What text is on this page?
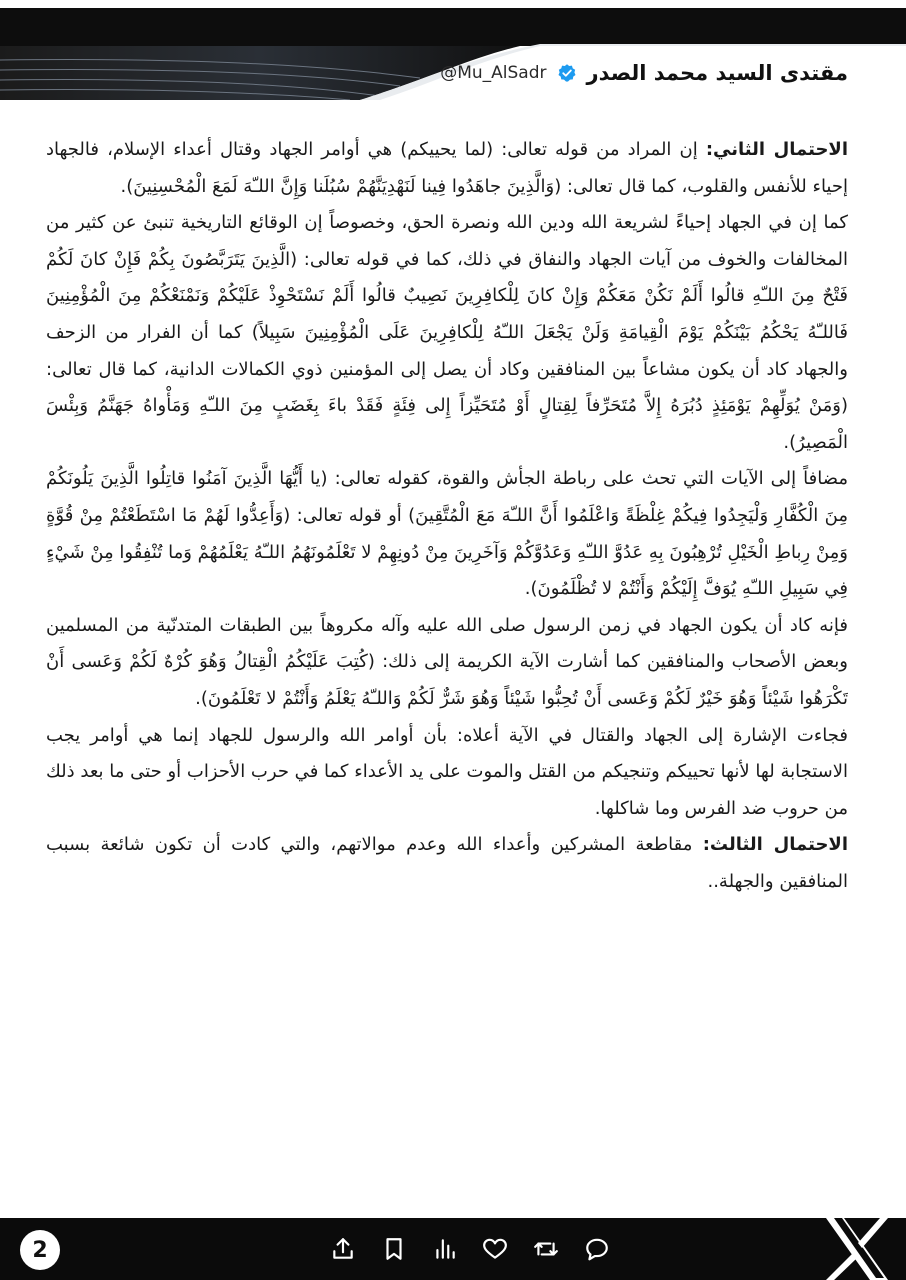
@Mu_AlSadr مقتدى السيد محمد الصدر

الاحتمال الثاني: إن المراد من قوله تعالى: (لما يحييكم) هي أوامر الجهاد وقتال أعداء الإسلام، فالجهاد إحياء للأنفس والقلوب، كما قال تعالى: (وَالَّذِينَ جاهَدُوا فِينا لَنَهْدِيَنَّهُمْ سُبُلَنا وَإِنَّ اللـّهَ لَمَعَ الْمُحْسِنِينَ).

كما إن في الجهاد إحياءً لشريعة الله ودين الله ونصرة الحق، وخصوصاً إن الوقائع التاريخية تنبئ عن كثير من المخالفات والخوف من آيات الجهاد والنفاق في ذلك، كما في قوله تعالى: (الَّذِينَ يَتَرَبَّصُونَ بِكُمْ فَإِنْ كانَ لَكُمْ فَتْحٌ مِنَ اللـّهِ قالُوا أَلَمْ نَكُنْ مَعَكُمْ وَإِنْ كانَ لِلْكافِرِينَ نَصِيبٌ قالُوا أَلَمْ نَسْتَحْوِذْ عَلَيْكُمْ وَنَمْنَعْكُمْ مِنَ الْمُؤْمِنِينَ فَاللـّهُ يَحْكُمُ بَيْنَكُمْ يَوْمَ الْقِيامَةِ وَلَنْ يَجْعَلَ اللـّهُ لِلْكافِرِينَ عَلَى الْمُؤْمِنِينَ سَبِيلاً) كما أن الفرار من الزحف والجهاد كاد أن يكون مشاعاً بين المنافقين وكاد أن يصل إلى المؤمنين ذوي الكمالات الدانية، كما قال تعالى: (وَمَنْ يُوَلِّهِمْ يَوْمَئِذٍ دُبُرَهُ إِلاَّ مُتَحَرِّفاً لِقِتالٍ أَوْ مُتَحَيِّزاً إِلى فِئَةٍ فَقَدْ باءَ بِغَضَبٍ مِنَ اللـّهِ وَمَأْواهُ جَهَنَّمُ وَبِئْسَ الْمَصِيرُ).

مضافاً إلى الآيات التي تحث على رباطة الجأش والقوة، كقوله تعالى: (يا أَيُّهَا الَّذِينَ آمَنُوا قاتِلُوا الَّذِينَ يَلُونَكُمْ مِنَ الْكُفَّارِ وَلْيَجِدُوا فِيكُمْ غِلْظَةً وَاعْلَمُوا أَنَّ اللـّهَ مَعَ الْمُتَّقِينَ) أو قوله تعالى: (وَأَعِدُّوا لَهُمْ مَا اسْتَطَعْتُمْ مِنْ قُوَّةٍ وَمِنْ رِباطِ الْخَيْلِ تُرْهِبُونَ بِهِ عَدُوَّ اللـّهِ وَعَدُوَّكُمْ وَآخَرِينَ مِنْ دُونِهِمْ لا تَعْلَمُونَهُمُ اللـّهُ يَعْلَمُهُمْ وَما تُنْفِقُوا مِنْ شَيْءٍ فِي سَبِيلِ اللـّهِ يُوَفَّ إِلَيْكُمْ وَأَنْتُمْ لا تُظْلَمُونَ).

فإنه كاد أن يكون الجهاد في زمن الرسول صلى الله عليه وآله مكروهاً بين الطبقات المتدنّية من المسلمين وبعض الأصحاب والمنافقين كما أشارت الآية الكريمة إلى ذلك: (كُتِبَ عَلَيْكُمُ الْقِتالُ وَهُوَ كُرْهٌ لَكُمْ وَعَسى أَنْ تَكْرَهُوا شَيْئاً وَهُوَ خَيْرٌ لَكُمْ وَعَسى أَنْ تُحِبُّوا شَيْئاً وَهُوَ شَرٌّ لَكُمْ وَاللـّهُ يَعْلَمُ وَأَنْتُمْ لا تَعْلَمُونَ).

فجاءت الإشارة إلى الجهاد والقتال في الآية أعلاه: بأن أوامر الله والرسول للجهاد إنما هي أوامر يجب الاستجابة لها لأنها تحييكم وتنجيكم من القتل والموت على يد الأعداء كما في حرب الأحزاب أو حتى ما بعد ذلك من حروب ضد الفرس وما شاكلها.

الاحتمال الثالث: مقاطعة المشركين وأعداء الله وعدم موالاتهم، والتي كادت أن تكون شائعة بسبب المنافقين والجهلة..

2
